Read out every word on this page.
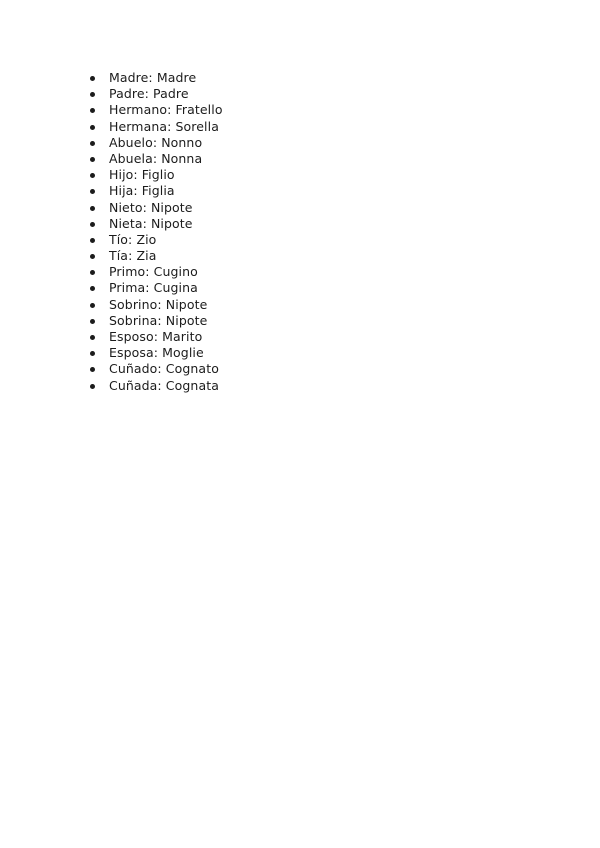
Madre: Madre
Padre: Padre
Hermano: Fratello
Hermana: Sorella
Abuelo: Nonno
Abuela: Nonna
Hijo: Figlio
Hija: Figlia
Nieto: Nipote
Nieta: Nipote
Tío: Zio
Tía: Zia
Primo: Cugino
Prima: Cugina
Sobrino: Nipote
Sobrina: Nipote
Esposo: Marito
Esposa: Moglie
Cuñado: Cognato
Cuñada: Cognata
